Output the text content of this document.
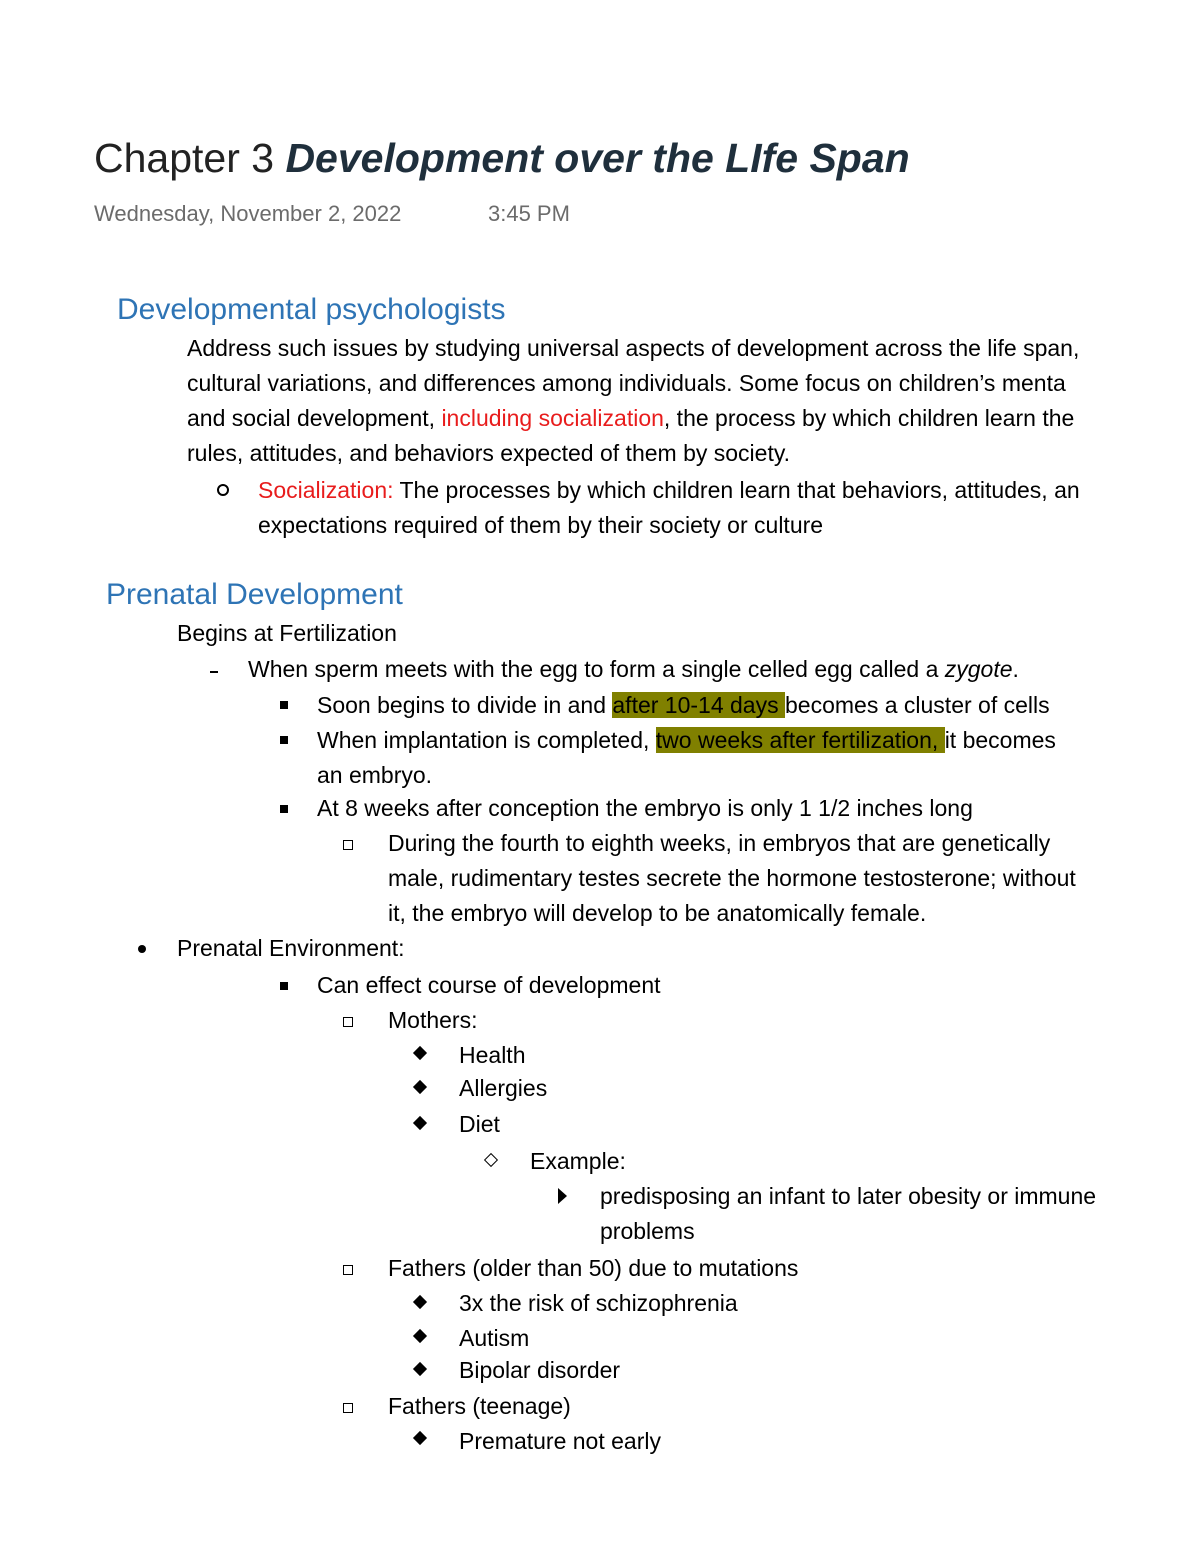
Chapter 3 Development over the LIfe Span
Wednesday, November 2, 2022	3:45 PM
Developmental psychologists
Address such issues by studying universal aspects of development across the life span,
cultural variations, and differences among individuals. Some focus on children’s menta
and social development, including socialization, the process by which children learn the
rules, attitudes, and behaviors expected of them by society.
Socialization: The processes by which children learn that behaviors, attitudes, an
expectations required of them by their society or culture
Prenatal Development
Begins at Fertilization
When sperm meets with the egg to form a single celled egg called a zygote.
Soon begins to divide in and after 10-14 days becomes a cluster of cells
When implantation is completed, two weeks after fertilization, it becomes
an embryo.
At 8 weeks after conception the embryo is only 1 1/2 inches long
During the fourth to eighth weeks, in embryos that are genetically
male, rudimentary testes secrete the hormone testosterone; without
it, the embryo will develop to be anatomically female.
Prenatal Environment:
Can effect course of development
Mothers:
Health
Allergies
Diet
Example:
predisposing an infant to later obesity or immune
problems
Fathers (older than 50) due to mutations
3x the risk of schizophrenia
Autism
Bipolar disorder
Fathers (teenage)
Premature not early
